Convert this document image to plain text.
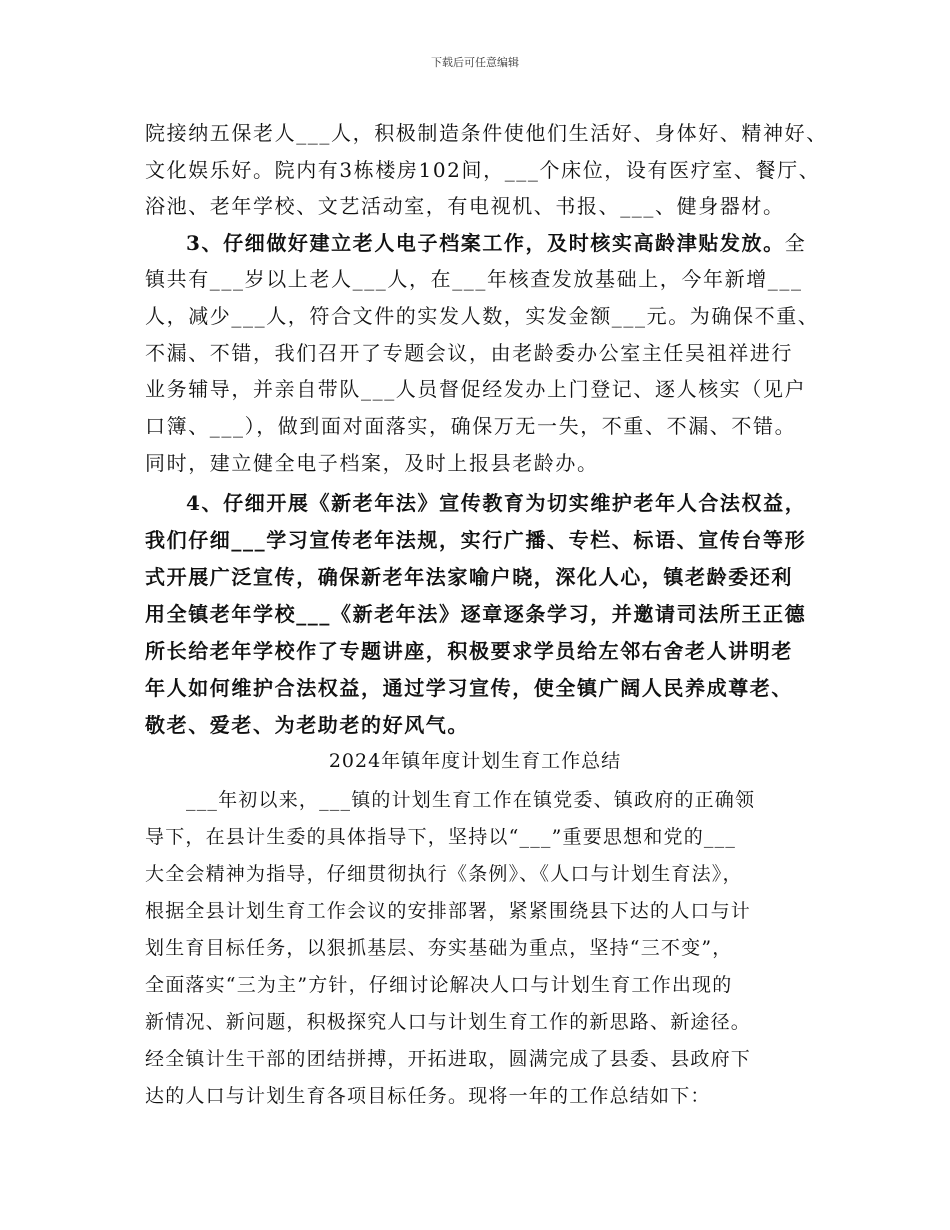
下载后可任意编辑
院接纳五保老人___人，积极制造条件使他们生活好、身体好、精神好、
文化娱乐好。院内有3栋楼房102间，___个床位，设有医疗室、餐厅、
浴池、老年学校、文艺活动室，有电视机、书报、___、健身器材。
3、仔细做好建立老人电子档案工作，及时核实高龄津贴发放。全
镇共有___岁以上老人___人，在___年核查发放基础上，今年新增___
人，减少___人，符合文件的实发人数，实发金额___元。为确保不重、
不漏、不错，我们召开了专题会议，由老龄委办公室主任吴祖祥进行
业务辅导，并亲自带队___人员督促经发办上门登记、逐人核实（见户
口簿、___），做到面对面落实，确保万无一失，不重、不漏、不错。
同时，建立健全电子档案，及时上报县老龄办。
4、仔细开展《新老年法》宣传教育为切实维护老年人合法权益，
我们仔细___学习宣传老年法规，实行广播、专栏、标语、宣传台等形
式开展广泛宣传，确保新老年法家喻户晓，深化人心，镇老龄委还利
用全镇老年学校___《新老年法》逐章逐条学习，并邀请司法所王正德
所长给老年学校作了专题讲座，积极要求学员给左邻右舍老人讲明老
年人如何维护合法权益，通过学习宣传，使全镇广阔人民养成尊老、
敬老、爱老、为老助老的好风气。
2024年镇年度计划生育工作总结
___年初以来，___镇的计划生育工作在镇党委、镇政府的正确领
导下，在县计生委的具体指导下，坚持以“___”重要思想和党的___
大全会精神为指导，仔细贯彻执行《条例》、《人口与计划生育法》，
根据全县计划生育工作会议的安排部署，紧紧围绕县下达的人口与计
划生育目标任务，以狠抓基层、夯实基础为重点，坚持“三不变”，
全面落实“三为主”方针，仔细讨论解决人口与计划生育工作出现的
新情况、新问题，积极探究人口与计划生育工作的新思路、新途径。
经全镇计生干部的团结拼搏，开拓进取，圆满完成了县委、县政府下
达的人口与计划生育各项目标任务。现将一年的工作总结如下：
